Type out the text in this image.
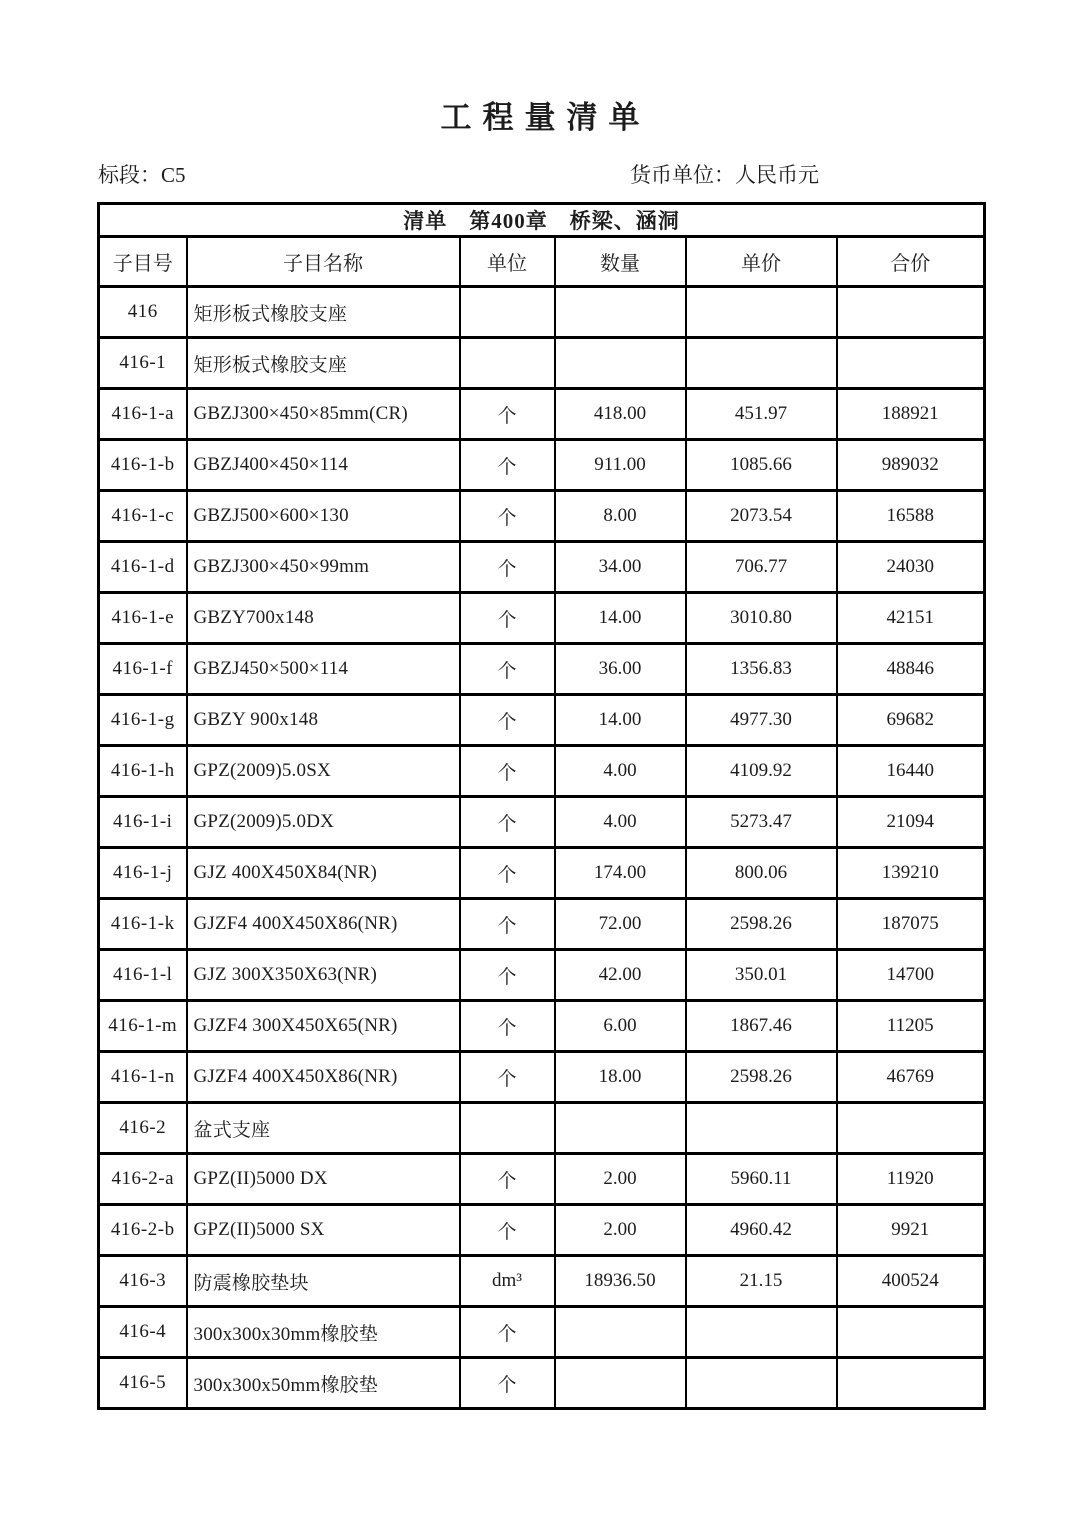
工程量清单
标段：C5	货币单位：人民币元
清单　第400章　桥梁、涵洞					
子目号	子目名称	单位	数量	单价	合价
416	矩形板式橡胶支座				
416-1	矩形板式橡胶支座				
416-1-a	GBZJ300×450×85mm(CR)	个	418.00	451.97	188921
416-1-b	GBZJ400×450×114	个	911.00	1085.66	989032
416-1-c	GBZJ500×600×130	个	8.00	2073.54	16588
416-1-d	GBZJ300×450×99mm	个	34.00	706.77	24030
416-1-e	GBZY700x148	个	14.00	3010.80	42151
416-1-f	GBZJ450×500×114	个	36.00	1356.83	48846
416-1-g	GBZY 900x148	个	14.00	4977.30	69682
416-1-h	GPZ(2009)5.0SX	个	4.00	4109.92	16440
416-1-i	GPZ(2009)5.0DX	个	4.00	5273.47	21094
416-1-j	GJZ 400X450X84(NR)	个	174.00	800.06	139210
416-1-k	GJZF4 400X450X86(NR)	个	72.00	2598.26	187075
416-1-l	GJZ 300X350X63(NR)	个	42.00	350.01	14700
416-1-m	GJZF4 300X450X65(NR)	个	6.00	1867.46	11205
416-1-n	GJZF4 400X450X86(NR)	个	18.00	2598.26	46769
416-2	盆式支座				
416-2-a	GPZ(II)5000 DX	个	2.00	5960.11	11920
416-2-b	GPZ(II)5000 SX	个	2.00	4960.42	9921
416-3	防震橡胶垫块	dm³	18936.50	21.15	400524
416-4	300x300x30mm橡胶垫	个			
416-5	300x300x50mm橡胶垫	个			
